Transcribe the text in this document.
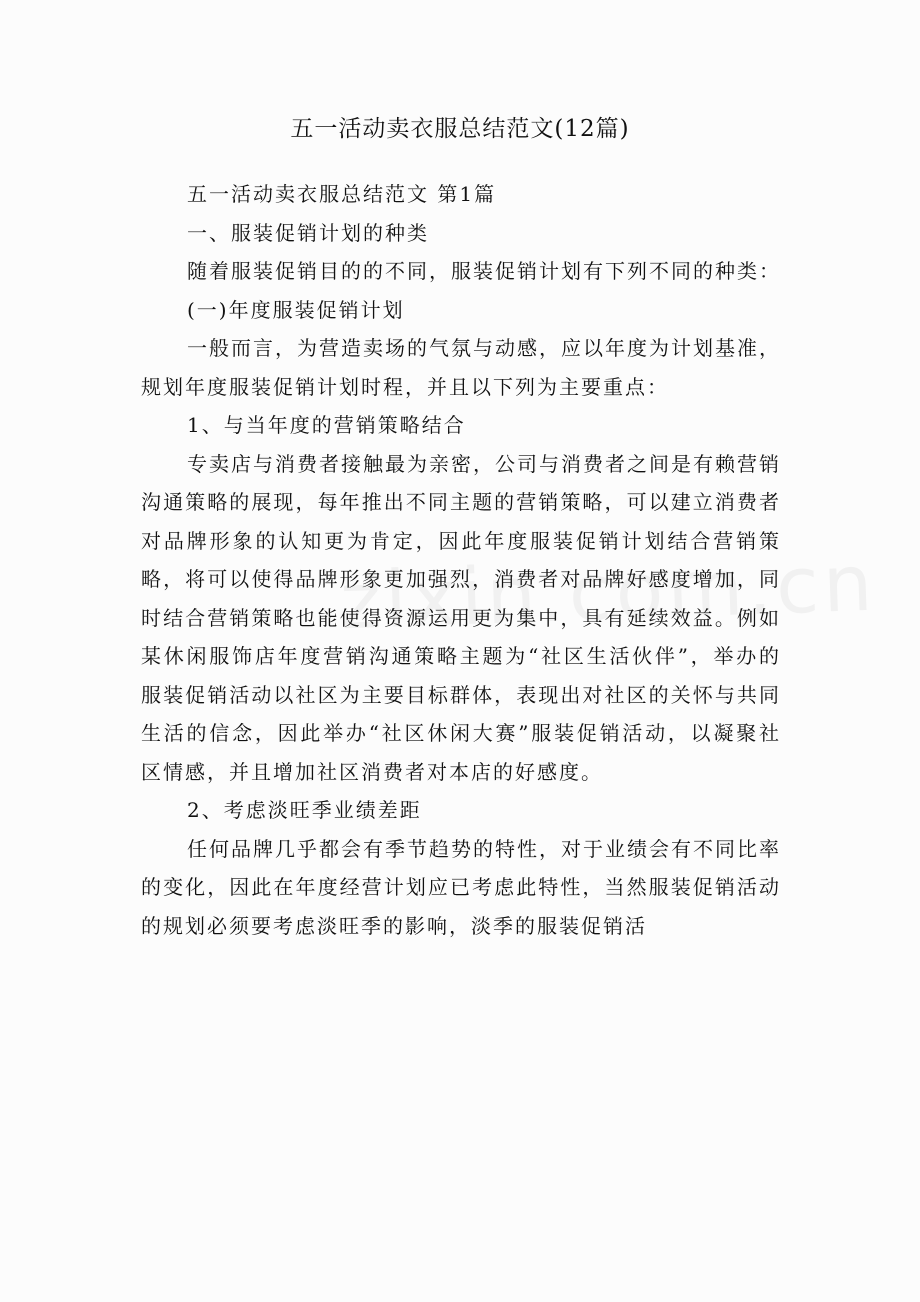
五一活动卖衣服总结范文(12篇)

五一活动卖衣服总结范文 第1篇

一、服装促销计划的种类

随着服装促销目的的不同，服装促销计划有下列不同的种类：

(一)年度服装促销计划

一般而言，为营造卖场的气氛与动感，应以年度为计划基准，规划年度服装促销计划时程，并且以下列为主要重点：

1、与当年度的营销策略结合

专卖店与消费者接触最为亲密，公司与消费者之间是有赖营销沟通策略的展现，每年推出不同主题的营销策略，可以建立消费者对品牌形象的认知更为肯定，因此年度服装促销计划结合营销策略，将可以使得品牌形象更加强烈，消费者对品牌好感度增加，同时结合营销策略也能使得资源运用更为集中，具有延续效益。例如某休闲服饰店年度营销沟通策略主题为“社区生活伙伴”，举办的服装促销活动以社区为主要目标群体，表现出对社区的关怀与共同生活的信念，因此举办“社区休闲大赛”服装促销活动，以凝聚社区情感，并且增加社区消费者对本店的好感度。

2、考虑淡旺季业绩差距

任何品牌几乎都会有季节趋势的特性，对于业绩会有不同比率的变化，因此在年度经营计划应已考虑此特性，当然服装促销活动的规划必须要考虑淡旺季的影响，淡季的服装促销活
